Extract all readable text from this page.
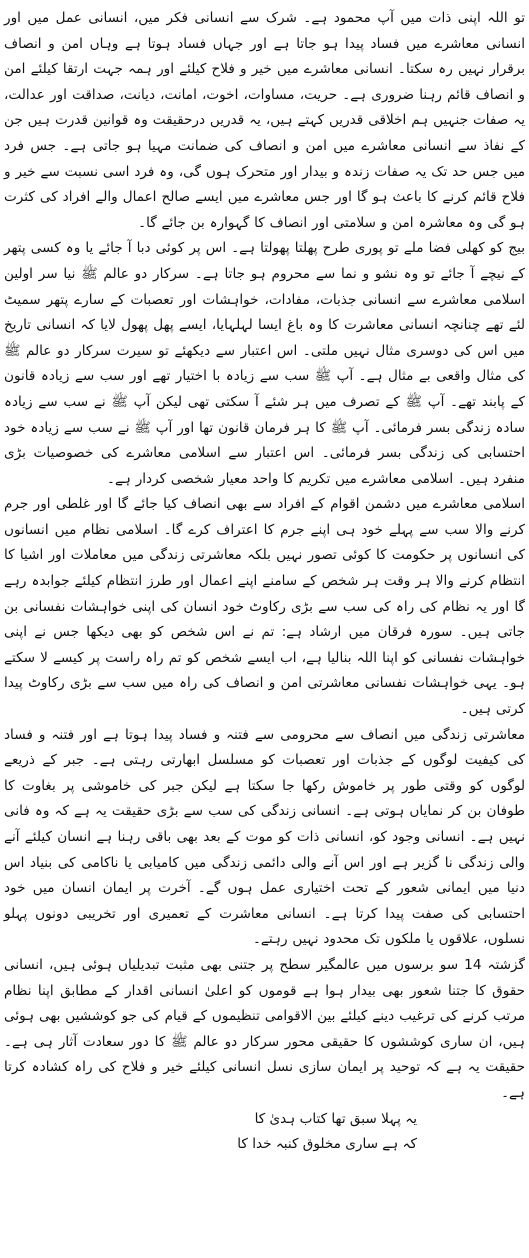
تو اللہ اپنی ذات میں آپ محمود ہے۔ شرک سے انسانی فکر میں، انسانی عمل میں اور انسانی معاشرے میں فساد پیدا ہو جاتا ہے اور جہاں فساد ہوتا ہے وہاں امن و انصاف برقرار نہیں رہ سکتا۔ انسانی معاشرے میں خیر و فلاح کیلئے اور ہمہ جہت ارتقا کیلئے امن و انصاف قائم رہنا ضروری ہے۔ حریت، مساوات، اخوت، امانت، دیانت، صداقت اور عدالت، یہ صفات جنہیں ہم اخلاقی قدریں کہتے ہیں، یہ قدریں درحقیقت وہ قوانین قدرت ہیں جن کے نفاذ سے انسانی معاشرے میں امن و انصاف کی ضمانت مہیا ہو جاتی ہے۔ جس فرد میں جس حد تک یہ صفات زندہ و بیدار اور متحرک ہوں گی، وہ فرد اسی نسبت سے خیر و فلاح قائم کرنے کا باعث ہو گا اور جس معاشرے میں ایسے صالح اعمال والے افراد کی کثرت ہو گی وہ معاشرہ امن و سلامتی اور انصاف کا گہوارہ بن جائے گا۔

بیج کو کھلی فضا ملے تو پوری طرح پھلتا پھولتا ہے۔ اس پر کوئی دبا آ جائے یا وہ کسی پتھر کے نیچے آ جائے تو وہ نشو و نما سے محروم ہو جاتا ہے۔ سرکار دو عالم ﷺ نیا سر اولین اسلامی معاشرے سے انسانی جذبات، مفادات، خواہشات اور تعصبات کے سارے پتھر سمیٹ لئے تھے چنانچہ انسانی معاشرت کا وہ باغ ایسا لہلہایا، ایسے پھل پھول لایا کہ انسانی تاریخ میں اس کی دوسری مثال نہیں ملتی۔ اس اعتبار سے دیکھئے تو سیرت سرکار دو عالم ﷺ کی مثال واقعی بے مثال ہے۔ آپ ﷺ سب سے زیادہ با اختیار تھے اور سب سے زیادہ قانون کے پابند تھے۔ آپ ﷺ کے تصرف میں ہر شئے آ سکتی تھی لیکن آپ ﷺ نے سب سے زیادہ سادہ زندگی بسر فرمائی۔ آپ ﷺ کا ہر فرمان قانون تھا اور آپ ﷺ نے سب سے زیادہ خود احتسابی کی زندگی بسر فرمائی۔ اس اعتبار سے اسلامی معاشرے کی خصوصیات بڑی منفرد ہیں۔ اسلامی معاشرے میں تکریم کا واحد معیار شخصی کردار ہے۔

اسلامی معاشرے میں دشمن اقوام کے افراد سے بھی انصاف کیا جائے گا اور غلطی اور جرم کرنے والا سب سے پہلے خود ہی اپنے جرم کا اعتراف کرے گا۔ اسلامی نظام میں انسانوں کی انسانوں پر حکومت کا کوئی تصور نہیں بلکہ معاشرتی زندگی میں معاملات اور اشیا کا انتظام کرنے والا ہر وقت ہر شخص کے سامنے اپنے اعمال اور طرز انتظام کیلئے جوابدہ رہے گا اور یہ نظام کی راہ کی سب سے بڑی رکاوٹ خود انسان کی اپنی خواہشات نفسانی بن جاتی ہیں۔ سورہ فرقان میں ارشاد ہے: تم نے اس شخص کو بھی دیکھا جس نے اپنی خواہشات نفسانی کو اپنا اللہ بنالیا ہے، اب ایسے شخص کو تم راہ راست پر کیسے لا سکتے ہو۔ یہی خواہشات نفسانی معاشرتی امن و انصاف کی راہ میں سب سے بڑی رکاوٹ پیدا کرتی ہیں۔

معاشرتی زندگی میں انصاف سے محرومی سے فتنہ و فساد پیدا ہوتا ہے اور فتنہ و فساد کی کیفیت لوگوں کے جذبات اور تعصبات کو مسلسل ابھارتی رہتی ہے۔ جبر کے ذریعے لوگوں کو وقتی طور پر خاموش رکھا جا سکتا ہے لیکن جبر کی خاموشی پر بغاوت کا طوفان بن کر نمایاں ہوتی ہے۔ انسانی زندگی کی سب سے بڑی حقیقت یہ ہے کہ وہ فانی نہیں ہے۔ انسانی وجود کو، انسانی ذات کو موت کے بعد بھی باقی رہنا ہے انسان کیلئے آنے والی زندگی نا گزیر ہے اور اس آنے والی دائمی زندگی میں کامیابی یا ناکامی کی بنیاد اس دنیا میں ایمانی شعور کے تحت اختیاری عمل ہوں گے۔ آخرت پر ایمان انسان میں خود احتسابی کی صفت پیدا کرتا ہے۔ انسانی معاشرت کے تعمیری اور تخریبی دونوں پہلو نسلوں، علاقوں یا ملکوں تک محدود نہیں رہتے۔

گزشتہ 14 سو برسوں میں عالمگیر سطح پر جتنی بھی مثبت تبدیلیاں ہوئی ہیں، انسانی حقوق کا جتنا شعور بھی بیدار ہوا ہے قوموں کو اعلیٰ انسانی اقدار کے مطابق اپنا نظام مرتب کرنے کی ترغیب دینے کیلئے بین الاقوامی تنظیموں کے قیام کی جو کوششیں بھی ہوئی ہیں، ان ساری کوششوں کا حقیقی محور سرکار دو عالم ﷺ کا دور سعادت آثار ہی ہے۔ حقیقت یہ ہے کہ توحید پر ایمان سازی نسل انسانی کیلئے خیر و فلاح کی راہ کشادہ کرتا ہے۔

یہ پہلا سبق تھا کتاب ہدیٰ کا

کہ ہے ساری مخلوق کنبہ خدا کا
